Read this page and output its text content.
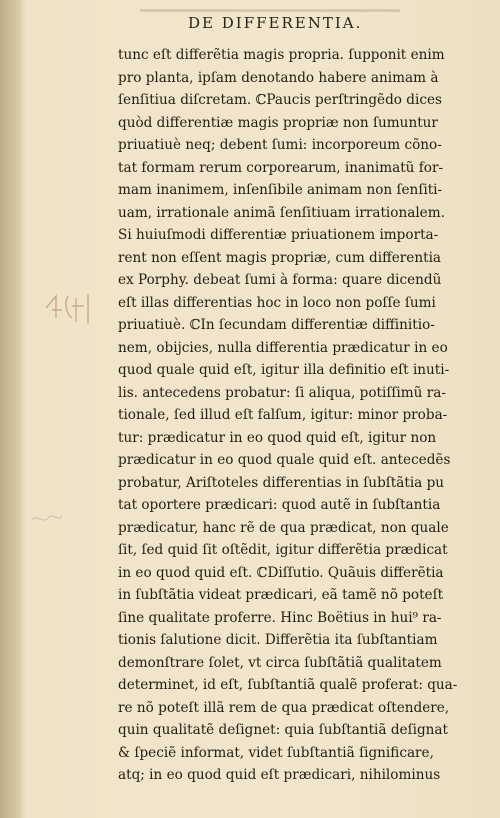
DE DIFFERENTIA.
tunc eſt differẽtia magis propria. ſupponit enim
pro planta, ipſam denotando habere animam à
ſenſitiua diſcretam. ℂPaucis perſtringẽdo dices
quòd differentiæ magis propriæ non ſumuntur
priuatiuè neq; debent ſumi: incorporeum cõno-
tat formam rerum corporearum, inanimatũ for-
mam inanimem, inſenſibile animam non ſenſiti-
uam, irrationale animã ſenſitiuam irrationalem.
Si huiuſmodi differentiæ priuationem importa-
rent non eſſent magis propriæ, cum differentia
ex Porphy. debeat ſumi à forma: quare dicendũ
eſt illas differentias hoc in loco non poſſe ſumi
priuatiuè. ℂIn ſecundam differentiæ diffinitio-
nem, obijcies, nulla differentia prædicatur in eo
quod quale quid eſt, igitur illa definitio eſt inuti-
lis. antecedens probatur: ſi aliqua, potiſſimũ ra-
tionale, ſed illud eſt falſum, igitur: minor proba-
tur: prædicatur in eo quod quid eſt, igitur non
prædicatur in eo quod quale quid eſt. antecedẽs
probatur, Ariſtoteles differentias in ſubſtãtia pu
tat oportere prædicari: quod autẽ in ſubſtantia
prædicatur, hanc rẽ de qua prædicat, non quale
ſit, ſed quid ſit oſtẽdit, igitur differẽtia prædicat
in eo quod quid eſt. ℂDiſſutio. Quãuis differẽtia
in ſubſtãtia videat prædicari, eã tamẽ nõ poteſt
ſine qualitate proferre. Hinc Boëtius in hui⁹ ra-
tionis ſalutione dicit. Differẽtia ita ſubſtantiam
demonſtrare ſolet, vt circa ſubſtãtiã qualitatem
determinet, id eſt, ſubſtantiã qualẽ proferat: qua-
re nõ poteſt illã rem de qua prædicat oſtendere,
quin qualitatẽ deſignet: quia ſubſtantiã deſignat
& ſpeciẽ informat, videt ſubſtantiã ſignificare,
atq; in eo quod quid eſt prædicari, nihilominus
